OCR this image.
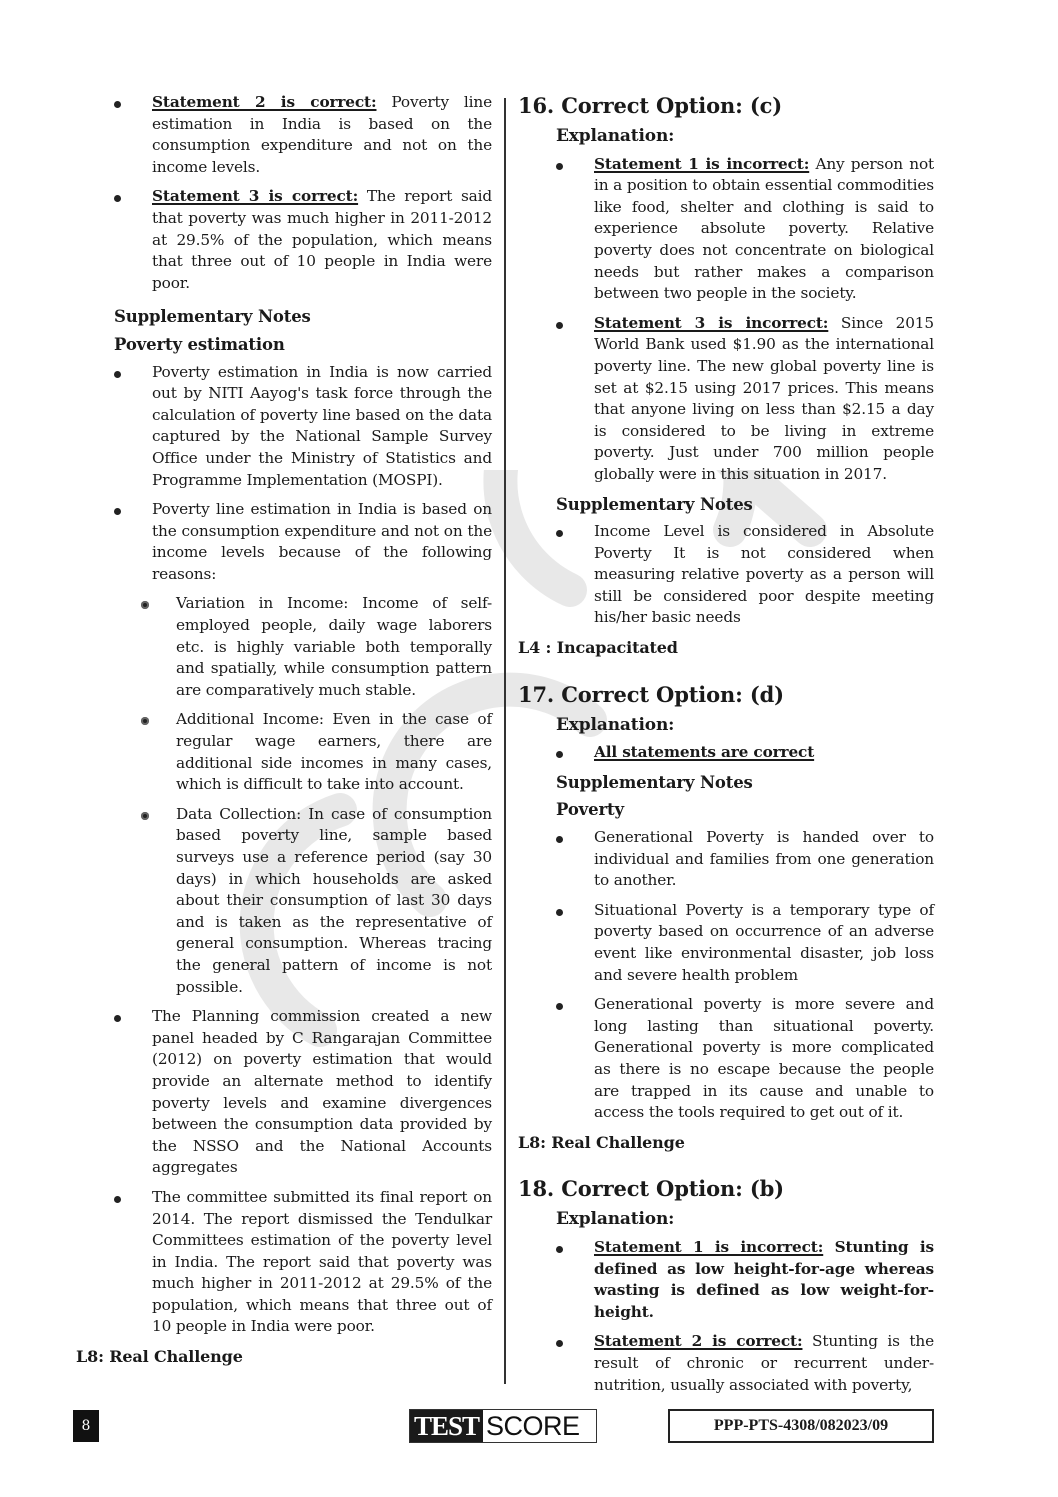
Statement 2 is correct: Poverty line estimation in India is based on the consumption expenditure and not on the income levels.
Statement 3 is correct: The report said that poverty was much higher in 2011-2012 at 29.5% of the population, which means that three out of 10 people in India were poor.
Supplementary Notes
Poverty estimation
Poverty estimation in India is now carried out by NITI Aayog's task force through the calculation of poverty line based on the data captured by the National Sample Survey Office under the Ministry of Statistics and Programme Implementation (MOSPI).
Poverty line estimation in India is based on the consumption expenditure and not on the income levels because of the following reasons:
Variation in Income: Income of self-employed people, daily wage laborers etc. is highly variable both temporally and spatially, while consumption pattern are comparatively much stable.
Additional Income: Even in the case of regular wage earners, there are additional side incomes in many cases, which is difficult to take into account.
Data Collection: In case of consumption based poverty line, sample based surveys use a reference period (say 30 days) in which households are asked about their consumption of last 30 days and is taken as the representative of general consumption. Whereas tracing the general pattern of income is not possible.
The Planning commission created a new panel headed by C Rangarajan Committee (2012) on poverty estimation that would provide an alternate method to identify poverty levels and examine divergences between the consumption data provided by the NSSO and the National Accounts aggregates
The committee submitted its final report on 2014. The report dismissed the Tendulkar Committees estimation of the poverty level in India. The report said that poverty was much higher in 2011-2012 at 29.5% of the population, which means that three out of 10 people in India were poor.
L8: Real Challenge
16. Correct Option: (c)
Explanation:
Statement 1 is incorrect: Any person not in a position to obtain essential commodities like food, shelter and clothing is said to experience absolute poverty. Relative poverty does not concentrate on biological needs but rather makes a comparison between two people in the society.
Statement 3 is incorrect: Since 2015 World Bank used $1.90 as the international poverty line. The new global poverty line is set at $2.15 using 2017 prices. This means that anyone living on less than $2.15 a day is considered to be living in extreme poverty. Just under 700 million people globally were in this situation in 2017.
Supplementary Notes
Income Level is considered in Absolute Poverty It is not considered when measuring relative poverty as a person will still be considered poor despite meeting his/her basic needs
L4 : Incapacitated
17. Correct Option: (d)
Explanation:
All statements are correct
Supplementary Notes
Poverty
Generational Poverty is handed over to individual and families from one generation to another.
Situational Poverty is a temporary type of poverty based on occurrence of an adverse event like environmental disaster, job loss and severe health problem
Generational poverty is more severe and long lasting than situational poverty. Generational poverty is more complicated as there is no escape because the people are trapped in its cause and unable to access the tools required to get out of it.
L8: Real Challenge
18. Correct Option: (b)
Explanation:
Statement 1 is incorrect: Stunting is defined as low height-for-age whereas wasting is defined as low weight-for-height.
Statement 2 is correct: Stunting is the result of chronic or recurrent under-nutrition, usually associated with poverty,
8	TEST SCORE	PPP-PTS-4308/082023/09
